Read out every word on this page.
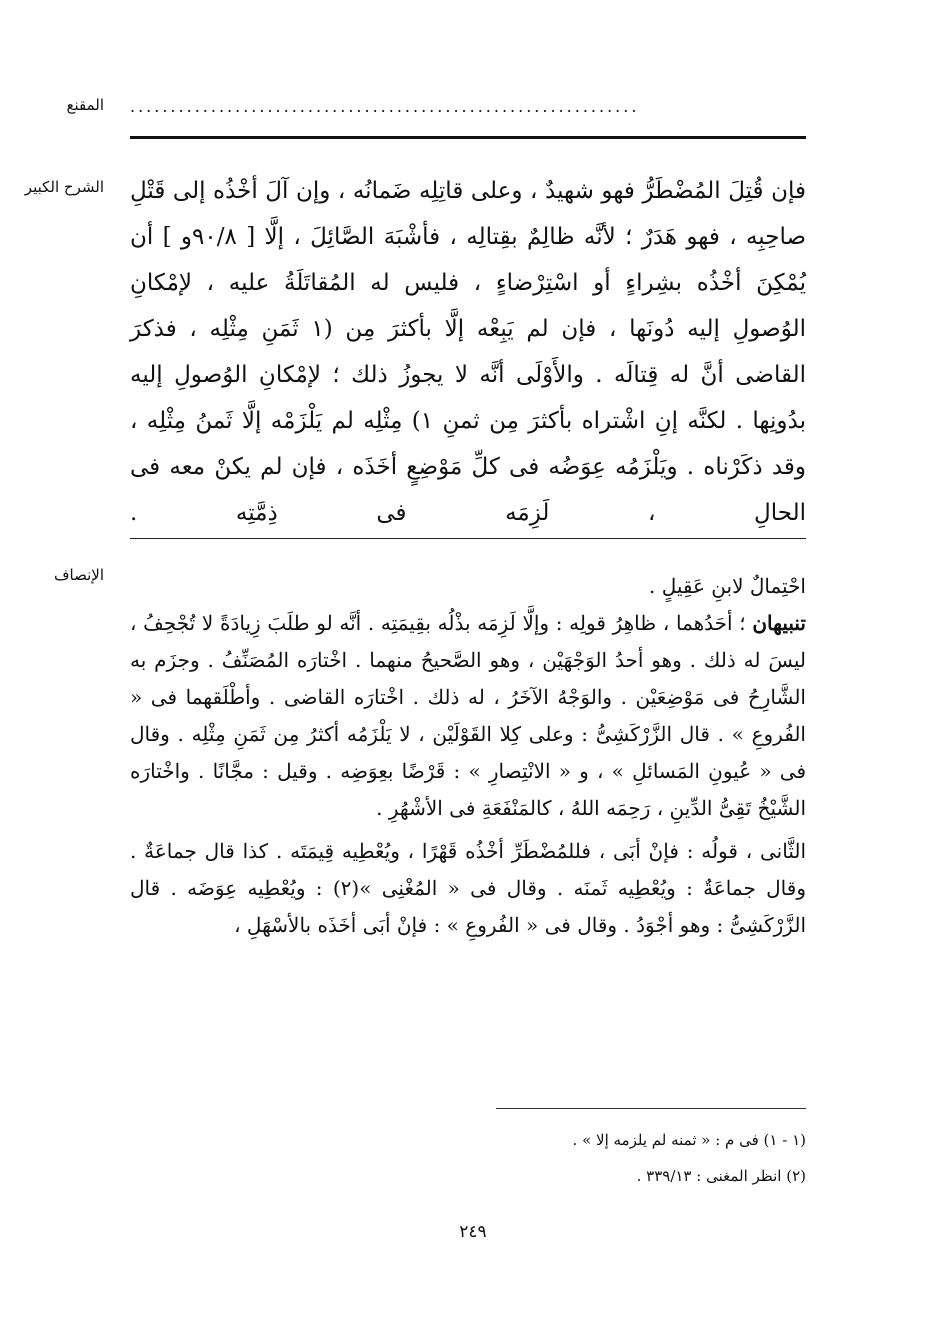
المقنع ...............................................................
الشرح الكبير فإن قُتِلَ المُضْطَرُّ فهو شهيدٌ ، وعلى قاتِلِه ضَمانُه ، وإن آلَ أخْذُه إلى قَتْلِ صاحِبِه ، فهو هَدَرٌ ؛ لأنَّه ظالِمٌ بقِتالِه ، فأشْبَهَ الصَّائِلَ ، إلَّا [ ٩٠/٨و ] أن يُمْكِنَ أخْذُه بشِراءٍ أو اسْتِرْضاءٍ ، فليس له المُقاتَلَةُ عليه ، لإمْكانِ الوُصولِ إليه دُونَها ، فإن لم يَبِعْه إلَّا بأكثرَ مِن (١ ثَمَنِ مِثْلِه ، فذكرَ القاضى أنَّ له قِتالَه . والأَوْلَى أنَّه لا يجوزُ ذلك ؛ لإمْكانِ الوُصولِ إليه بدُونِها . لكنَّه إنِ اشْتراه بأكثرَ مِن ثمنِ ١) مِثْلِه لم يَلْزَمْه إلَّا ثَمنُ مِثْلِه ، وقد ذكَرْناه . ويَلْزَمُه عِوَضُه فى كلِّ مَوْضِعٍ أخَذَه ، فإن لم يكنْ معه فى الحالِ ، لَزِمَه فى ذِمَّتِه .

الإنصاف	احْتِمالٌ لابنِ عَقِيلٍ .

تنبيهان ؛ أحَدُهما ، ظاهِرُ قولِه : وإلَّا لَزِمَه بذْلُه بقِيمَتِه . أنَّه لو طلَبَ زِيادَةً لا تُجْحِفُ ، ليسَ له ذلك . وهو أحدُ الوَجْهَيْن ، وهو الصَّحيحُ منهما . اخْتارَه المُصَنِّفُ . وجزَم به الشَّارِحُ فى مَوْضِعَيْن . والوَجْهُ الآخَرُ ، له ذلك . اخْتارَه القاضى . وأطْلَقهما فى « الفُروعِ » . قال الزَّرْكَشِىُّ : وعلى كِلا القَوْلَيْن ، لا يَلْزَمُه أكثرُ مِن ثَمَنِ مِثْلِه . وقال فى « عُيونِ المَسائلِ » ، و « الانْتِصارِ » : قَرْضًا بعِوَضِه . وقيل : مجَّانًا . واخْتارَه الشَّيْخُ تَقِىُّ الدِّينِ ، رَحِمَه اللهُ ، كالمَنْفَعَةِ فى الأشْهُرِ .

الثَّانى ، قولُه : فإنْ أبَى ، فللمُضْطَرِّ أخْذُه قَهْرًا ، ويُعْطِيه قِيمَتَه . كذا قال جماعَةٌ . وقال جماعَةٌ : ويُعْطِيه ثَمنَه . وقال فى « المُغْنِى »(٢) : ويُعْطِيه عِوَضَه . قال الزَّرْكَشِىُّ : وهو أجْوَدُ . وقال فى « الفُروعِ » : فإنْ أبَى أخَذَه بالأسْهَلِ ،

(١ - ١) فى م : « ثمنه لم يلزمه إلا » .
(٢) انظر المغنى : ٣٣٩/١٣ .
٢٤٩
